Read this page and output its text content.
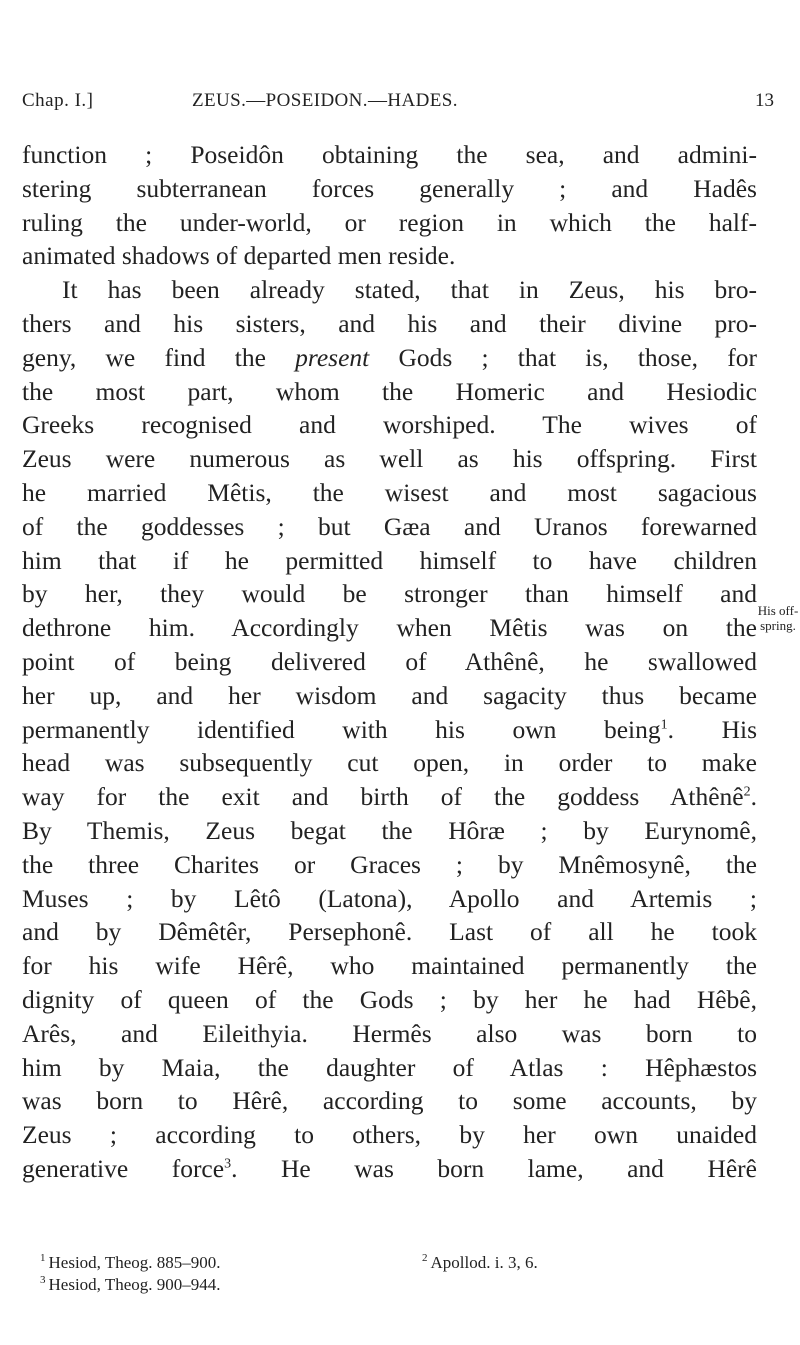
Chap. I.]	ZEUS.—POSEIDON.—HADES.	13
function ; Poseidôn obtaining the sea, and admini-
stering subterranean forces generally ; and Hadês
ruling the under-world, or region in which the half-
animated shadows of departed men reside.
It has been already stated, that in Zeus, his bro-
thers and his sisters, and his and their divine pro-
geny, we find the present Gods ; that is, those, for
the most part, whom the Homeric and Hesiodic
Greeks recognised and worshiped. The wives of
Zeus were numerous as well as his offspring. First
he married Mêtis, the wisest and most sagacious
of the goddesses ; but Gæa and Uranos forewarned
him that if he permitted himself to have children
by her, they would be stronger than himself and
dethrone him. Accordingly when Mêtis was on the
point of being delivered of Athênê, he swallowed
her up, and her wisdom and sagacity thus became
permanently identified with his own being$^1$. His
head was subsequently cut open, in order to make
way for the exit and birth of the goddess Athênê$^2$.
By Themis, Zeus begat the Hôræ ; by Eurynomê,
the three Charites or Graces ; by Mnêmosynê, the
Muses ; by Lêtô (Latona), Apollo and Artemis ;
and by Dêmêtêr, Persephonê. Last of all he took
for his wife Hêrê, who maintained permanently the
dignity of queen of the Gods ; by her he had Hêbê,
Arês, and Eileithyia. Hermês also was born to
him by Maia, the daughter of Atlas : Hêphæstos
was born to Hêrê, according to some accounts, by
Zeus ; according to others, by her own unaided
generative force$^3$. He was born lame, and Hêrê
His off-
spring.
$^1$ Hesiod, Theog. 885–900.	$^2$ Apollod. i. 3, 6.
$^3$ Hesiod, Theog. 900–944.
